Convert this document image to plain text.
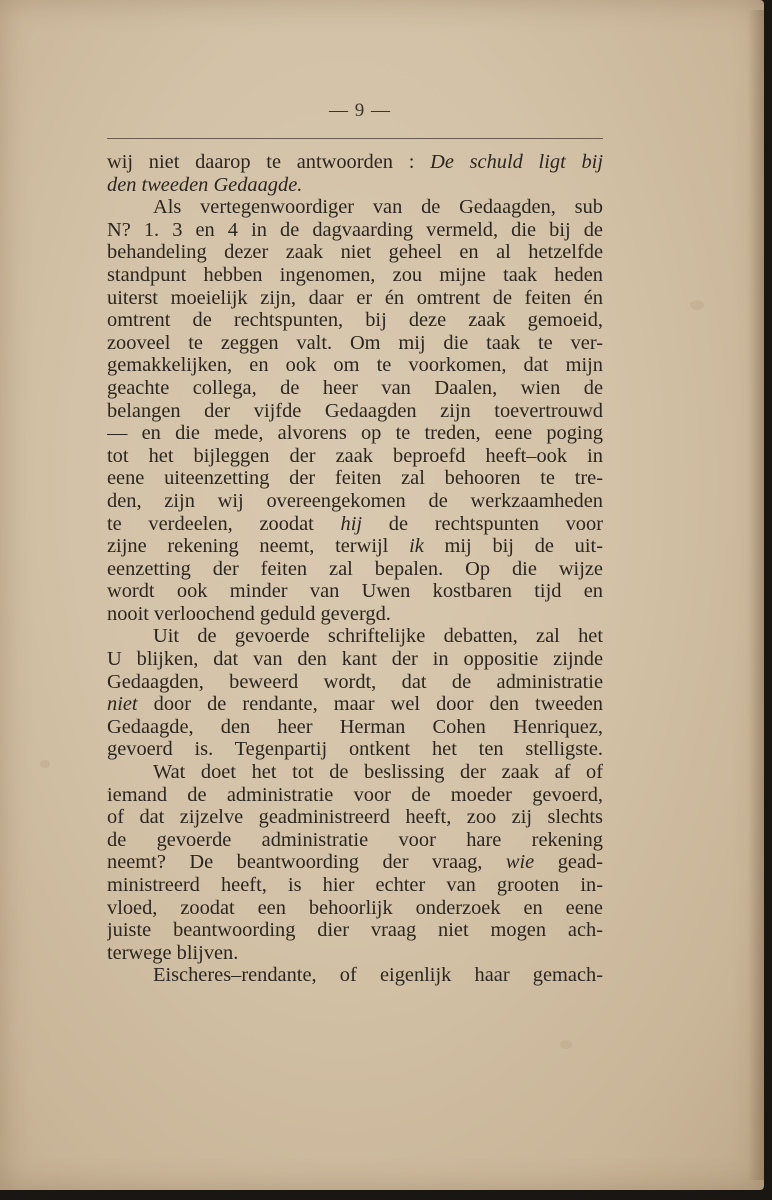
— 9 —
wij niet daarop te antwoorden : De schuld ligt bij
den tweeden Gedaagde.
Als vertegenwoordiger van de Gedaagden, sub
N? 1. 3 en 4 in de dagvaarding vermeld, die bij de
behandeling dezer zaak niet geheel en al hetzelfde
standpunt hebben ingenomen, zou mijne taak heden
uiterst moeielijk zijn, daar er én omtrent de feiten én
omtrent de rechtspunten, bij deze zaak gemoeid,
zooveel te zeggen valt. Om mij die taak te ver-
gemakkelijken, en ook om te voorkomen, dat mijn
geachte collega, de heer van Daalen, wien de
belangen der vijfde Gedaagden zijn toevertrouwd
— en die mede, alvorens op te treden, eene poging
tot het bijleggen der zaak beproefd heeft–ook in
eene uiteenzetting der feiten zal behooren te tre-
den, zijn wij overeengekomen de werkzaamheden
te verdeelen, zoodat hij de rechtspunten voor
zijne rekening neemt, terwijl ik mij bij de uit-
eenzetting der feiten zal bepalen. Op die wijze
wordt ook minder van Uwen kostbaren tijd en
nooit verloochend geduld gevergd.
Uit de gevoerde schriftelijke debatten, zal het
U blijken, dat van den kant der in oppositie zijnde
Gedaagden, beweerd wordt, dat de administratie
niet door de rendante, maar wel door den tweeden
Gedaagde, den heer Herman Cohen Henriquez,
gevoerd is. Tegenpartij ontkent het ten stelligste.
Wat doet het tot de beslissing der zaak af of
iemand de administratie voor de moeder gevoerd,
of dat zijzelve geadministreerd heeft, zoo zij slechts
de gevoerde administratie voor hare rekening
neemt? De beantwoording der vraag, wie gead-
ministreerd heeft, is hier echter van grooten in-
vloed, zoodat een behoorlijk onderzoek en eene
juiste beantwoording dier vraag niet mogen ach-
terwege blijven.
Eischeres–rendante, of eigenlijk haar gemach-
